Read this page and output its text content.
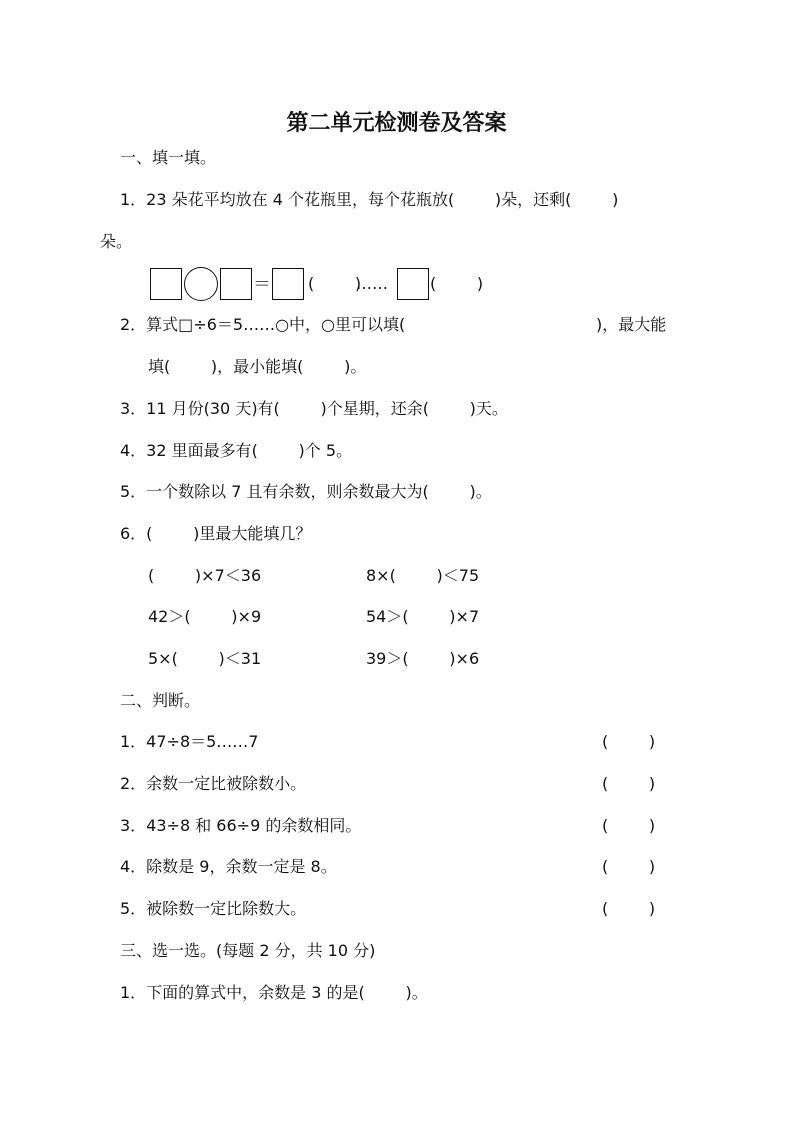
第二单元检测卷及答案
一、填一填。
1．23 朵花平均放在 4 个花瓶里，每个花瓶放(        )朵，还剩(        )
朵。
＝ (        )
……	(        )
2．算式□÷6＝5……○中，○里可以填(	)，最大能
填(        )，最小能填(        )。
3．11 月份(30 天)有(        )个星期，还余(        )天。
4．32 里面最多有(        )个 5。
5．一个数除以 7 且有余数，则余数最大为(        )。
6．(        )里最大能填几？
(        )×7＜36	8×(        )＜75
42＞(        )×9	54＞(        )×7
5×(        )＜31	39＞(        )×6
二、判断。
1．47÷8＝5……7	(        )
2．余数一定比被除数小。	(        )
3．43÷8 和 66÷9 的余数相同。	(        )
4．除数是 9，余数一定是 8。	(        )
5．被除数一定比除数大。	(        )
三、选一选。(每题 2 分，共 10 分)
1．下面的算式中，余数是 3 的是(        )。
